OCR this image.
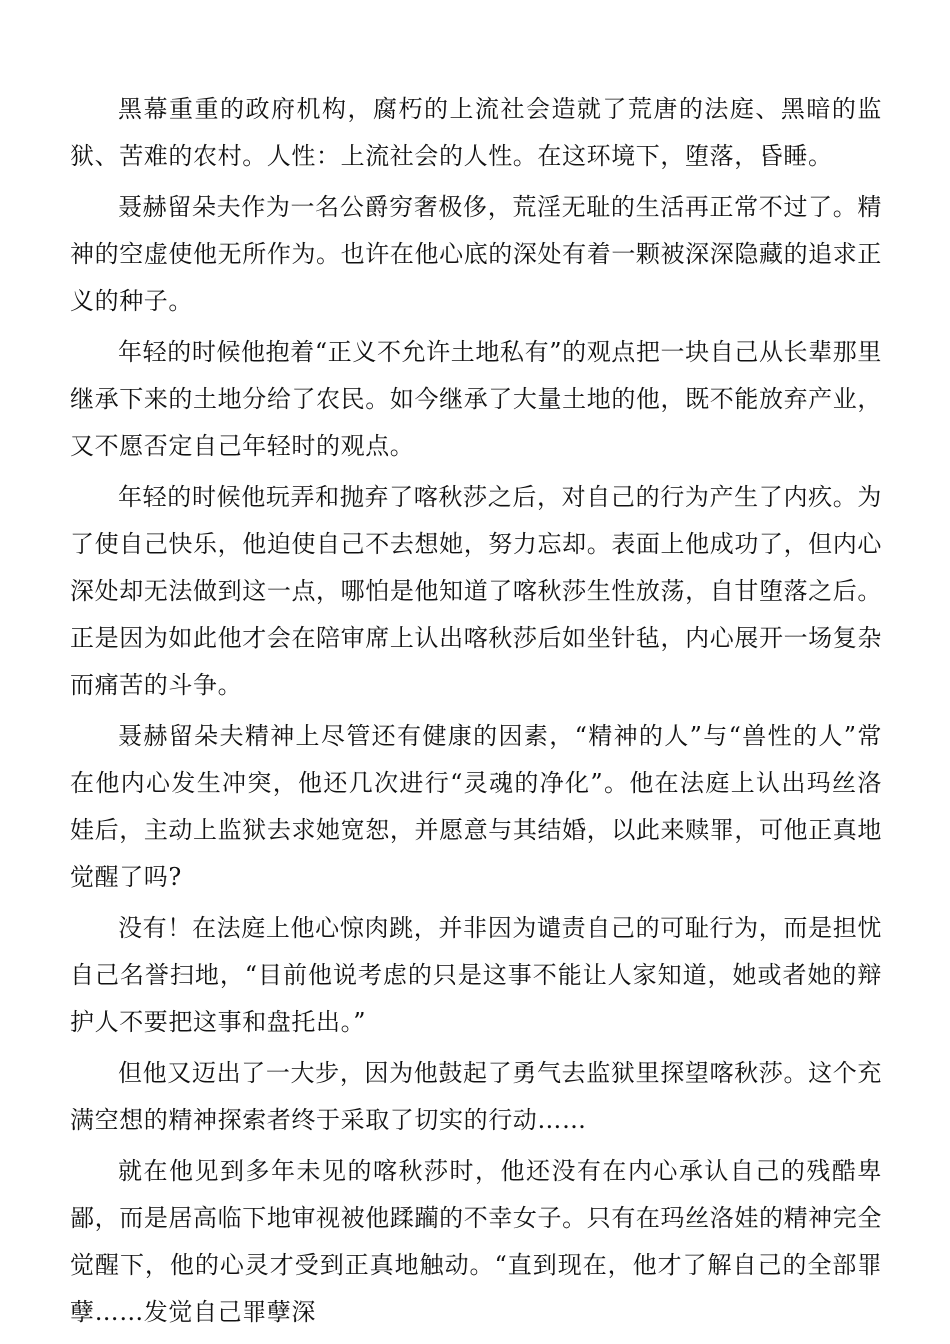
黑幕重重的政府机构，腐朽的上流社会造就了荒唐的法庭、黑暗的监狱、苦难的农村。人性：上流社会的人性。在这环境下，堕落，昏睡。

聂赫留朵夫作为一名公爵穷奢极侈，荒淫无耻的生活再正常不过了。精神的空虚使他无所作为。也许在他心底的深处有着一颗被深深隐藏的追求正义的种子。

年轻的时候他抱着“正义不允许土地私有”的观点把一块自己从长辈那里继承下来的土地分给了农民。如今继承了大量土地的他，既不能放弃产业，又不愿否定自己年轻时的观点。

年轻的时候他玩弄和抛弃了喀秋莎之后，对自己的行为产生了内疚。为了使自己快乐，他迫使自己不去想她，努力忘却。表面上他成功了，但内心深处却无法做到这一点，哪怕是他知道了喀秋莎生性放荡，自甘堕落之后。正是因为如此他才会在陪审席上认出喀秋莎后如坐针毡，内心展开一场复杂而痛苦的斗争。

聂赫留朵夫精神上尽管还有健康的因素，“精神的人”与“兽性的人”常在他内心发生冲突，他还几次进行“灵魂的净化”。他在法庭上认出玛丝洛娃后，主动上监狱去求她宽恕，并愿意与其结婚，以此来赎罪，可他正真地觉醒了吗?

没有！在法庭上他心惊肉跳，并非因为谴责自己的可耻行为，而是担忧自己名誉扫地，“目前他说考虑的只是这事不能让人家知道，她或者她的辩护人不要把这事和盘托出。”

但他又迈出了一大步，因为他鼓起了勇气去监狱里探望喀秋莎。这个充满空想的精神探索者终于采取了切实的行动……

就在他见到多年未见的喀秋莎时，他还没有在内心承认自己的残酷卑鄙，而是居高临下地审视被他蹂躏的不幸女子。只有在玛丝洛娃的精神完全觉醒下，他的心灵才受到正真地触动。“直到现在，他才了解自己的全部罪孽……发觉自己罪孽深
